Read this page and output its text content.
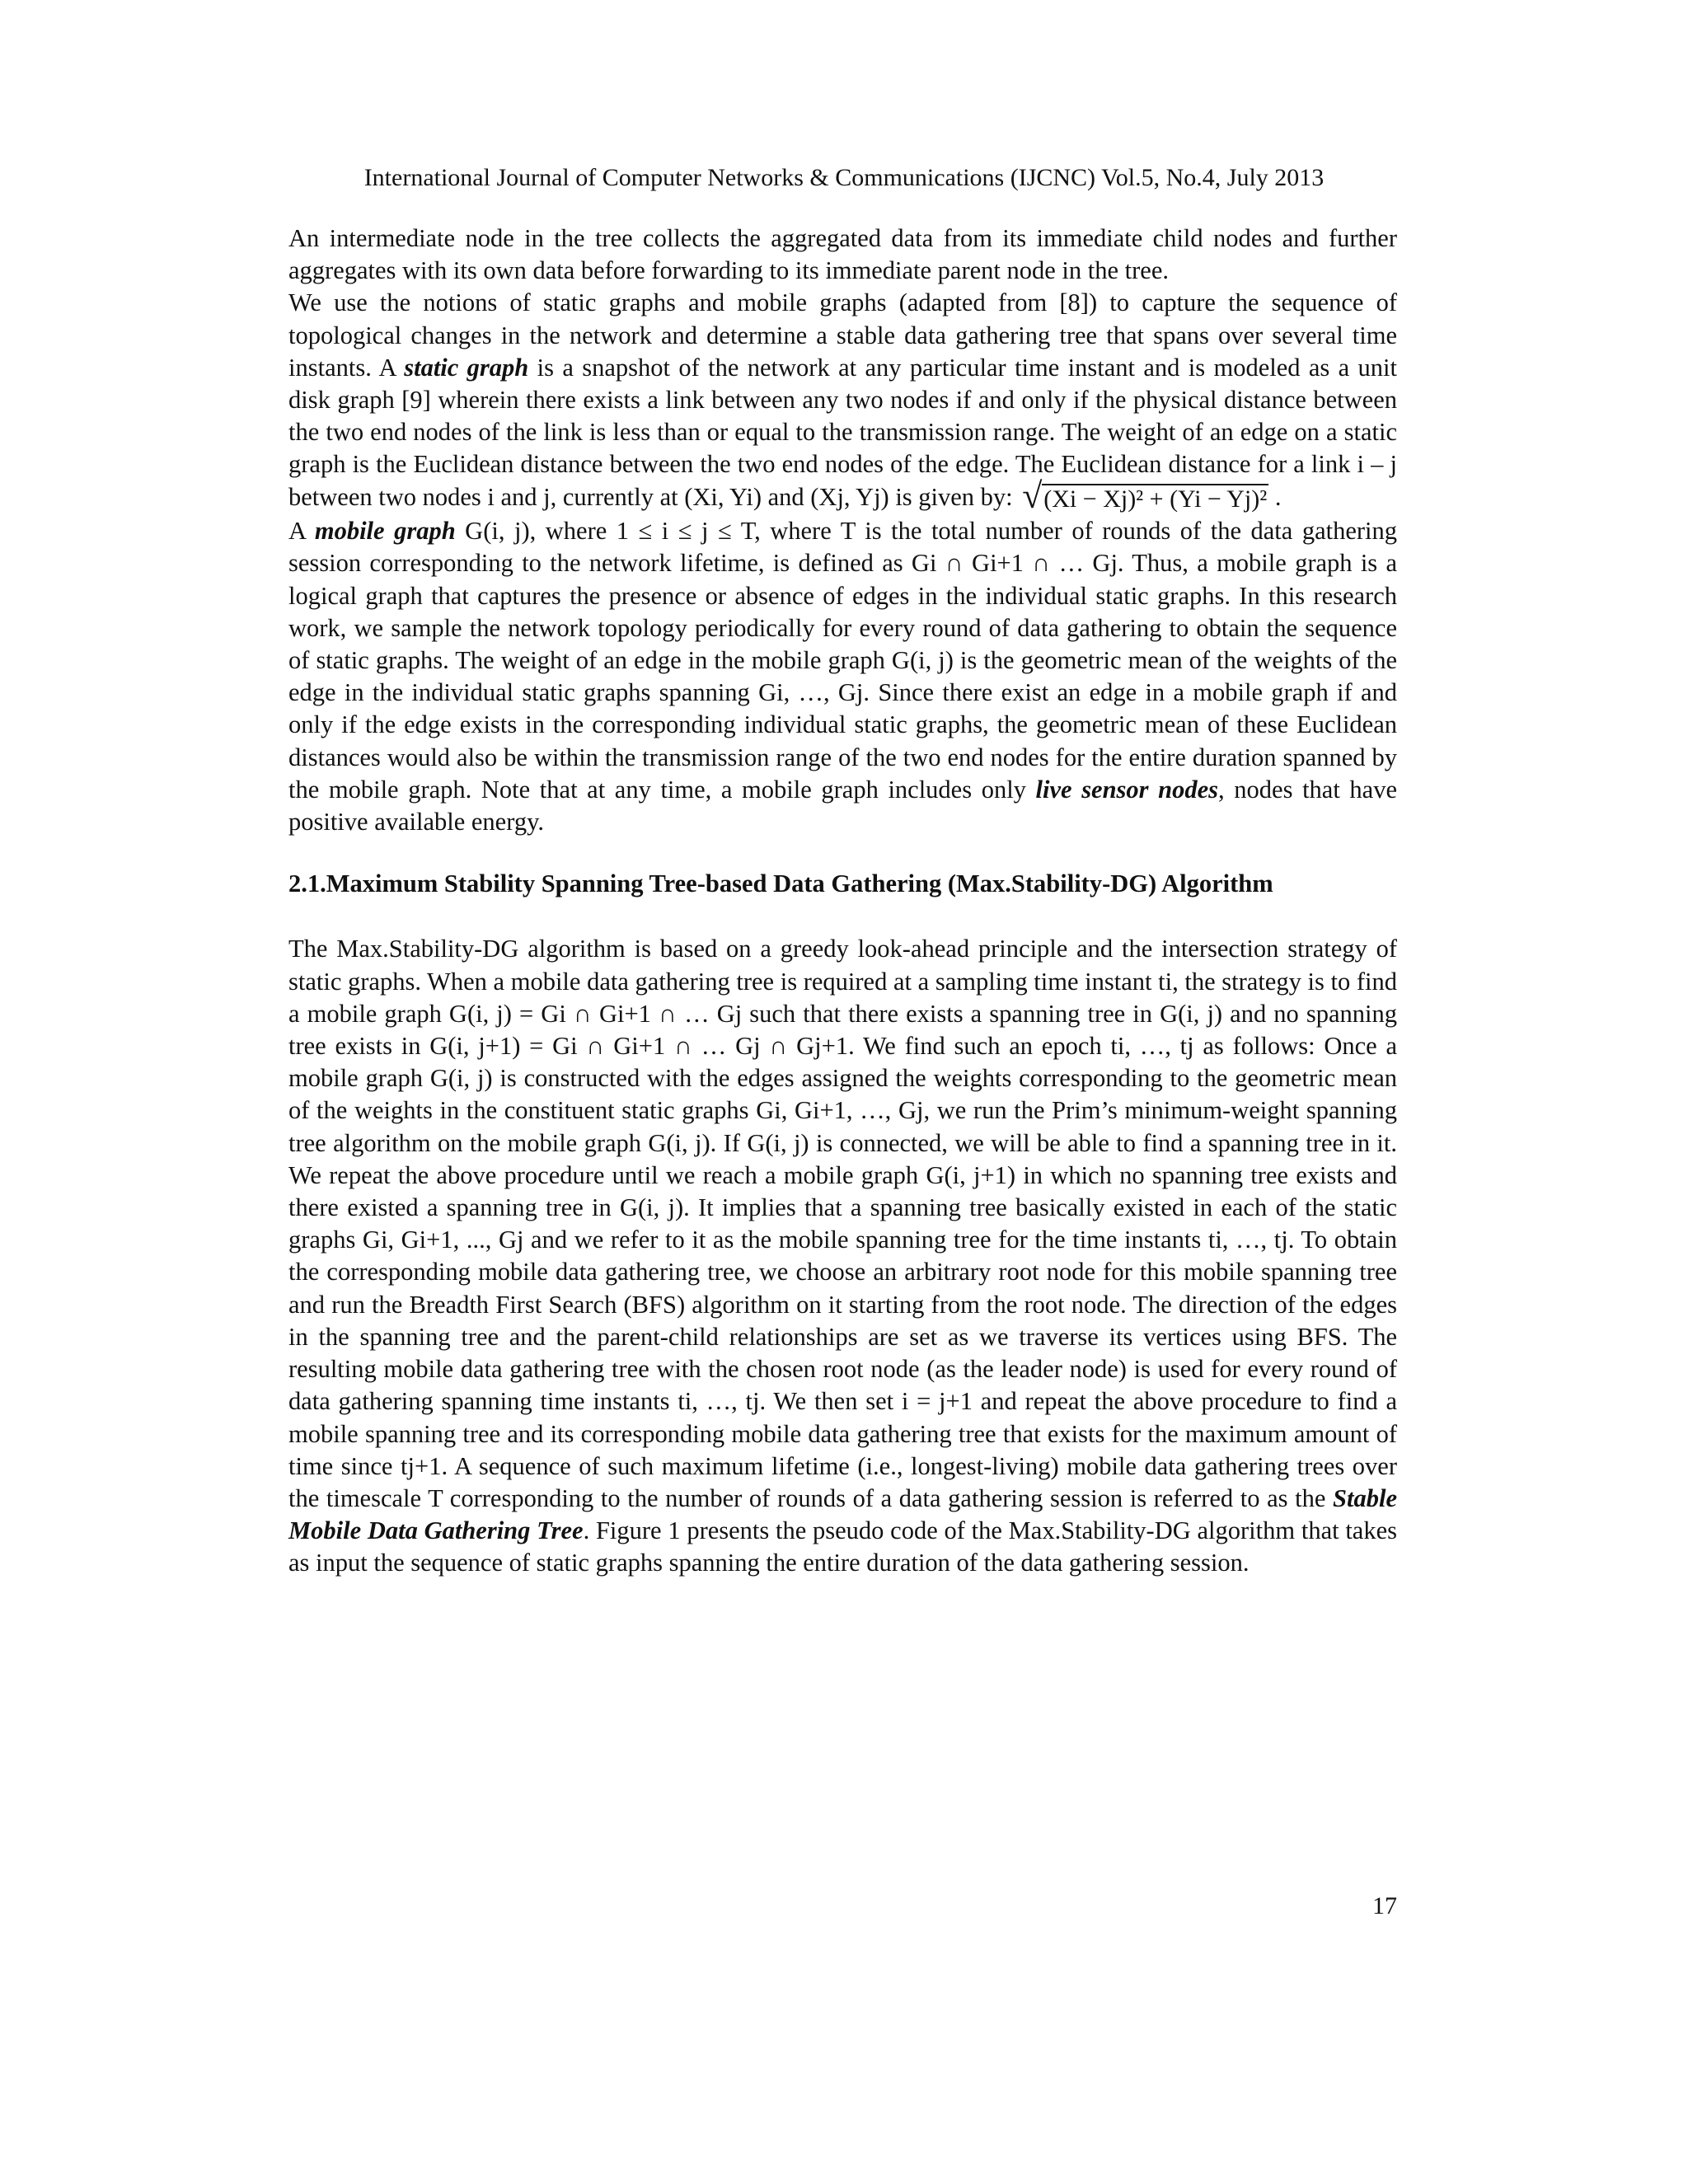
International Journal of Computer Networks & Communications (IJCNC) Vol.5, No.4, July 2013

An intermediate node in the tree collects the aggregated data from its immediate child nodes and further aggregates with its own data before forwarding to its immediate parent node in the tree.

We use the notions of static graphs and mobile graphs (adapted from [8]) to capture the sequence of topological changes in the network and determine a stable data gathering tree that spans over several time instants. A static graph is a snapshot of the network at any particular time instant and is modeled as a unit disk graph [9] wherein there exists a link between any two nodes if and only if the physical distance between the two end nodes of the link is less than or equal to the transmission range. The weight of an edge on a static graph is the Euclidean distance between the two end nodes of the edge. The Euclidean distance for a link i – j between two nodes i and j, currently at (Xi, Yi) and (Xj, Yj) is given by: √ (Xi − Xj)² + (Yi − Yj)² .

A mobile graph G(i, j), where 1 ≤ i ≤ j ≤ T, where T is the total number of rounds of the data gathering session corresponding to the network lifetime, is defined as Gi ∩ Gi+1 ∩ … Gj. Thus, a mobile graph is a logical graph that captures the presence or absence of edges in the individual static graphs. In this research work, we sample the network topology periodically for every round of data gathering to obtain the sequence of static graphs. The weight of an edge in the mobile graph G(i, j) is the geometric mean of the weights of the edge in the individual static graphs spanning Gi, …, Gj. Since there exist an edge in a mobile graph if and only if the edge exists in the corresponding individual static graphs, the geometric mean of these Euclidean distances would also be within the transmission range of the two end nodes for the entire duration spanned by the mobile graph. Note that at any time, a mobile graph includes only live sensor nodes, nodes that have positive available energy.

2.1.Maximum Stability Spanning Tree-based Data Gathering (Max.Stability-DG) Algorithm

The Max.Stability-DG algorithm is based on a greedy look-ahead principle and the intersection strategy of static graphs. When a mobile data gathering tree is required at a sampling time instant ti, the strategy is to find a mobile graph G(i, j) = Gi ∩ Gi+1 ∩ … Gj such that there exists a spanning tree in G(i, j) and no spanning tree exists in G(i, j+1) = Gi ∩ Gi+1 ∩ … Gj ∩ Gj+1. We find such an epoch ti, …, tj as follows: Once a mobile graph G(i, j) is constructed with the edges assigned the weights corresponding to the geometric mean of the weights in the constituent static graphs Gi, Gi+1, …, Gj, we run the Prim’s minimum-weight spanning tree algorithm on the mobile graph G(i, j). If G(i, j) is connected, we will be able to find a spanning tree in it. We repeat the above procedure until we reach a mobile graph G(i, j+1) in which no spanning tree exists and there existed a spanning tree in G(i, j). It implies that a spanning tree basically existed in each of the static graphs Gi, Gi+1, ..., Gj and we refer to it as the mobile spanning tree for the time instants ti, …, tj. To obtain the corresponding mobile data gathering tree, we choose an arbitrary root node for this mobile spanning tree and run the Breadth First Search (BFS) algorithm on it starting from the root node. The direction of the edges in the spanning tree and the parent-child relationships are set as we traverse its vertices using BFS. The resulting mobile data gathering tree with the chosen root node (as the leader node) is used for every round of data gathering spanning time instants ti, …, tj. We then set i = j+1 and repeat the above procedure to find a mobile spanning tree and its corresponding mobile data gathering tree that exists for the maximum amount of time since tj+1. A sequence of such maximum lifetime (i.e., longest-living) mobile data gathering trees over the timescale T corresponding to the number of rounds of a data gathering session is referred to as the Stable Mobile Data Gathering Tree. Figure 1 presents the pseudo code of the Max.Stability-DG algorithm that takes as input the sequence of static graphs spanning the entire duration of the data gathering session.

17
